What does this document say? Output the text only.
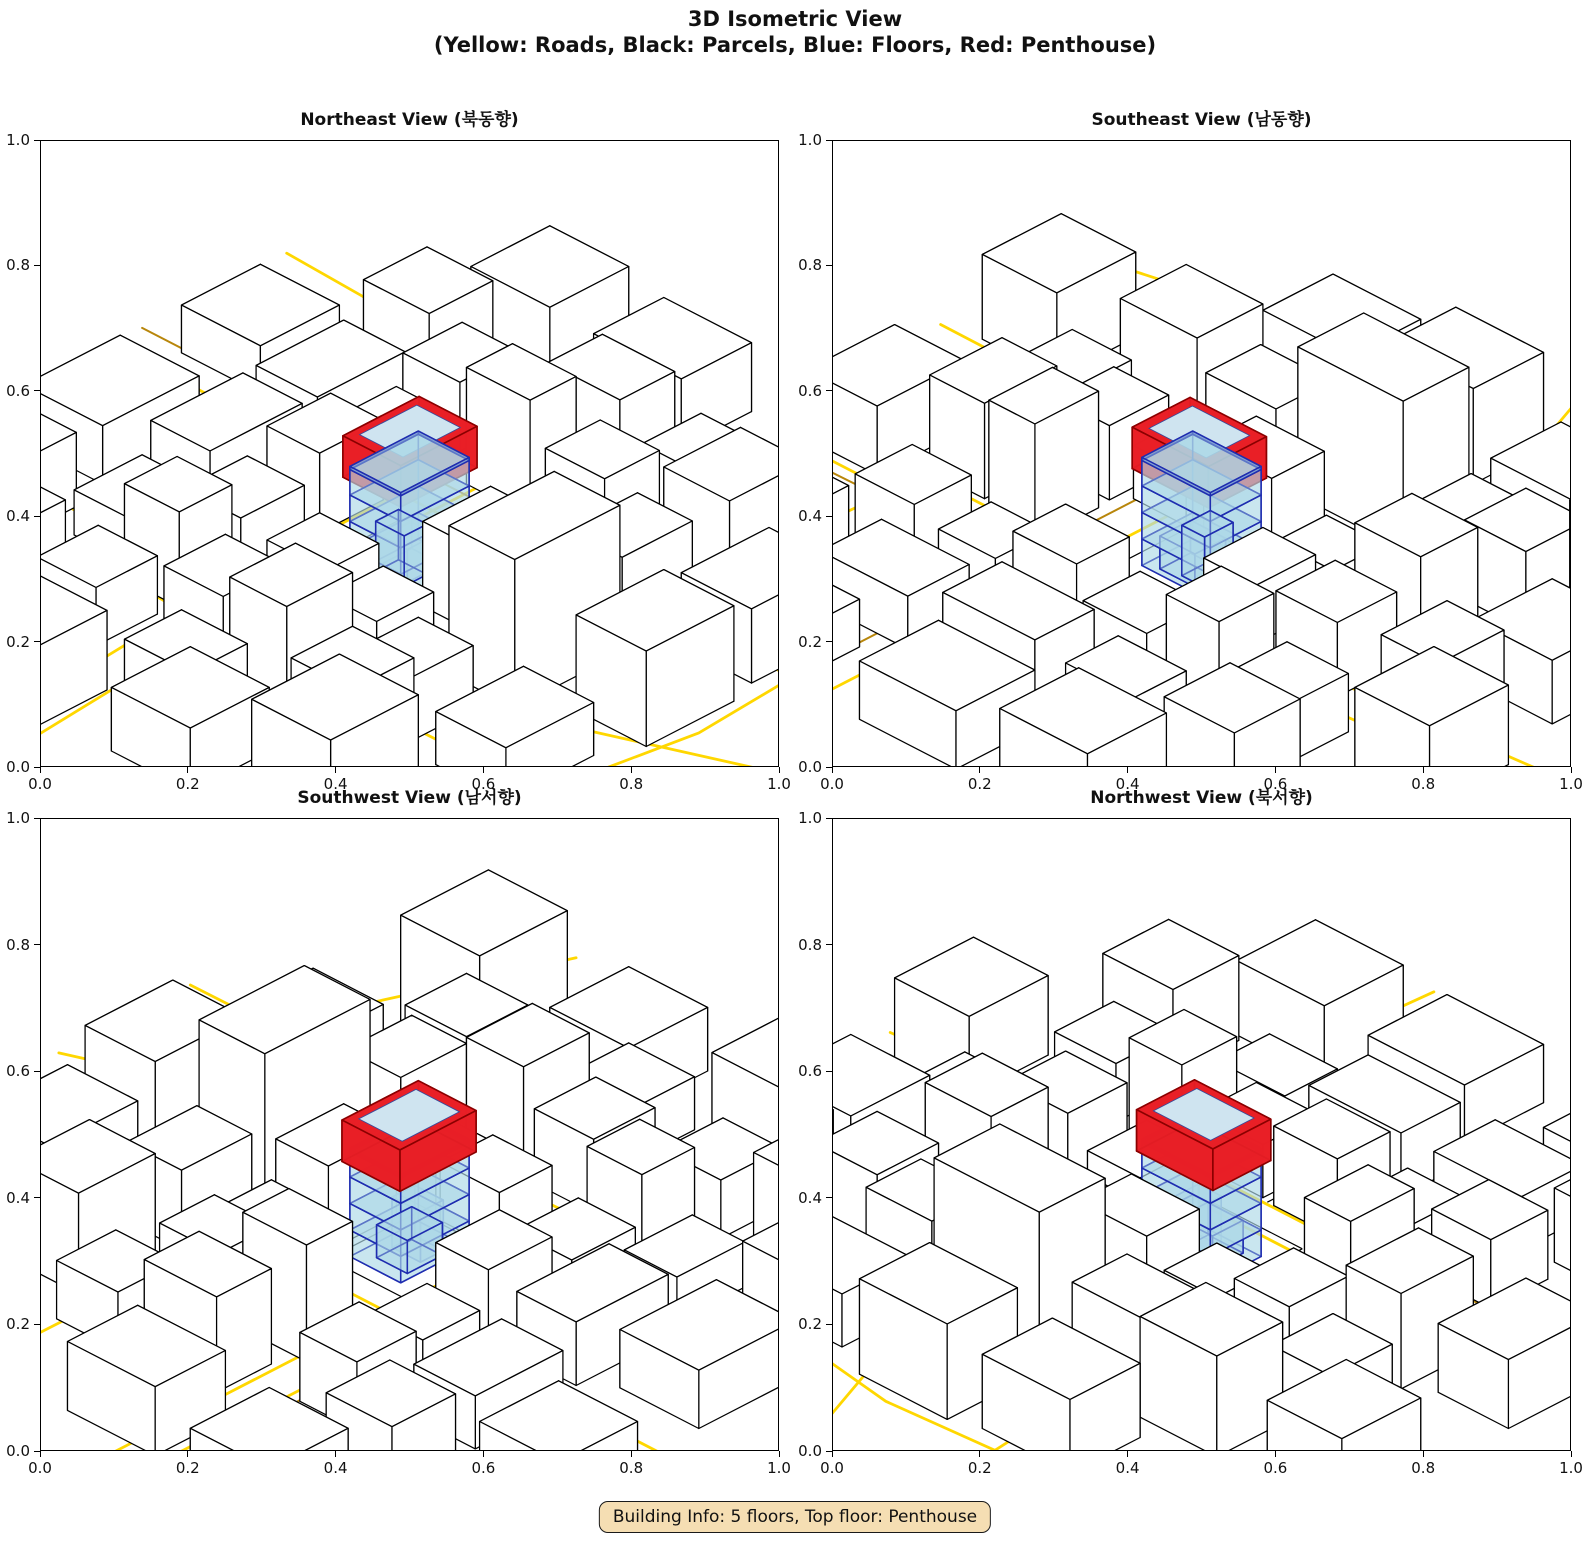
3D Isometric View
(Yellow: Roads, Black: Parcels, Blue: Floors, Red: Penthouse)
Northeast View (북동향)	Southeast View (남동향)
Southwest View (남서향)	Northwest View (북서향)
Building Info: 5 floors, Top floor: Penthouse
0.0	0.2	0.4	0.6	0.8	1.0
0.0
0.2
0.4
0.6
0.8
1.0
0.0	0.2	0.4	0.6	0.8	1.0
0.0
0.2
0.4
0.6
0.8
1.0
0.0	0.2	0.4	0.6	0.8	1.0
0.0
0.2
0.4
0.6
0.8
1.0
0.0	0.2	0.4	0.6	0.8	1.0
0.0
0.2
0.4
0.6
0.8
1.0
